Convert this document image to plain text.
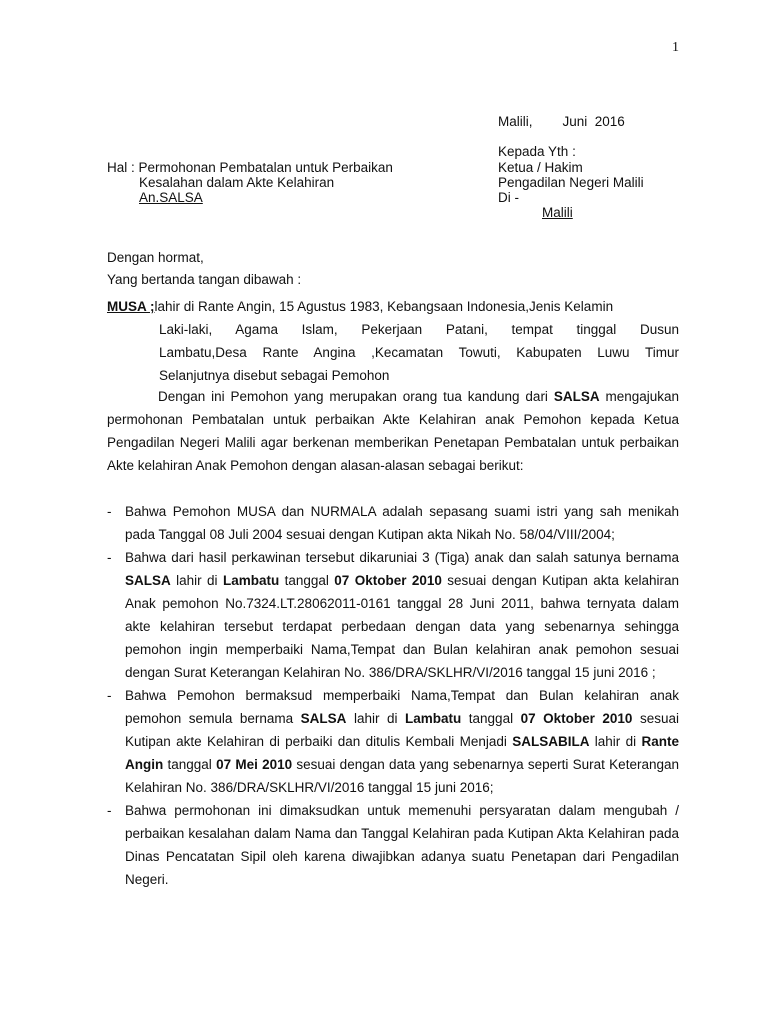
1
Malili,        Juni  2016
Kepada Yth :
Ketua / Hakim
Pengadilan Negeri Malili
Di -
Malili
Hal : Permohonan Pembatalan untuk Perbaikan
Kesalahan dalam Akte Kelahiran
An.SALSA
Dengan hormat,
Yang bertanda tangan dibawah :
MUSA ;lahir di Rante Angin, 15 Agustus 1983, Kebangsaan Indonesia,Jenis Kelamin
Laki-laki, Agama Islam, Pekerjaan Patani, tempat tinggal Dusun
Lambatu,Desa Rante Angina ,Kecamatan Towuti, Kabupaten Luwu Timur
Selanjutnya disebut sebagai Pemohon
Dengan ini Pemohon yang merupakan orang tua kandung dari SALSA mengajukan permohonan Pembatalan untuk perbaikan Akte Kelahiran anak Pemohon kepada Ketua Pengadilan Negeri Malili agar berkenan memberikan Penetapan Pembatalan untuk perbaikan Akte kelahiran Anak Pemohon dengan alasan-alasan sebagai berikut:
- Bahwa Pemohon MUSA dan NURMALA adalah sepasang suami istri yang sah menikah pada Tanggal 08 Juli 2004 sesuai dengan Kutipan akta Nikah No. 58/04/VIII/2004;
- Bahwa dari hasil perkawinan tersebut dikaruniai 3 (Tiga) anak dan salah satunya bernama SALSA lahir di Lambatu tanggal 07 Oktober 2010 sesuai dengan Kutipan akta kelahiran Anak pemohon No.7324.LT.28062011-0161 tanggal 28 Juni 2011, bahwa ternyata dalam akte kelahiran tersebut terdapat perbedaan dengan data yang sebenarnya sehingga pemohon ingin memperbaiki Nama,Tempat dan Bulan kelahiran anak pemohon sesuai dengan Surat Keterangan Kelahiran No. 386/DRA/SKLHR/VI/2016 tanggal 15 juni 2016 ;
- Bahwa Pemohon bermaksud memperbaiki Nama,Tempat dan Bulan kelahiran anak pemohon semula bernama SALSA lahir di Lambatu tanggal 07 Oktober 2010 sesuai Kutipan akte Kelahiran di perbaiki dan ditulis Kembali Menjadi SALSABILA lahir di Rante Angin tanggal 07 Mei 2010 sesuai dengan data yang sebenarnya seperti Surat Keterangan Kelahiran No. 386/DRA/SKLHR/VI/2016 tanggal 15 juni 2016;
- Bahwa permohonan ini dimaksudkan untuk memenuhi persyaratan dalam mengubah / perbaikan kesalahan dalam Nama dan Tanggal Kelahiran pada Kutipan Akta Kelahiran pada Dinas Pencatatan Sipil oleh karena diwajibkan adanya suatu Penetapan dari Pengadilan Negeri.
